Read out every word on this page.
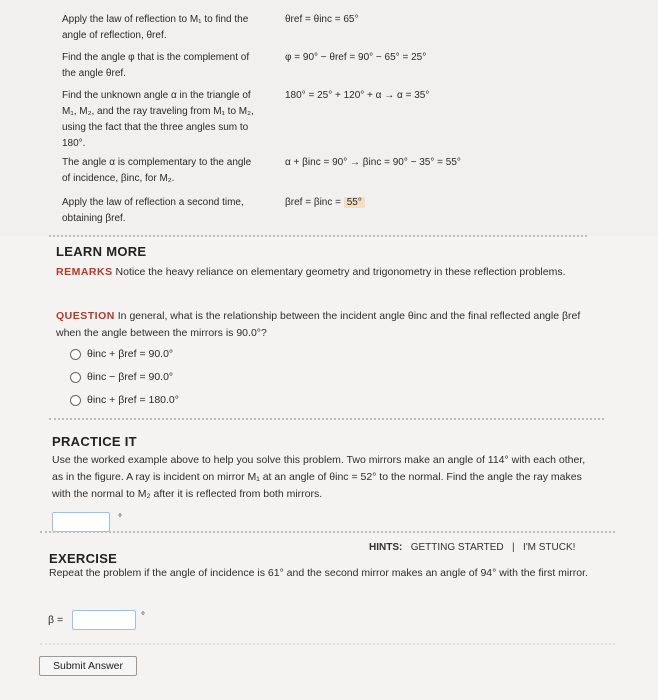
Apply the law of reflection to M₁ to find the angle of reflection, θref.
θref = θinc = 65°
Find the angle φ that is the complement of the angle θref.
φ = 90° − θref = 90° − 65° = 25°
Find the unknown angle α in the triangle of M₁, M₂, and the ray traveling from M₁ to M₂, using the fact that the three angles sum to 180°.
180° = 25° + 120° + α → α = 35°
The angle α is complementary to the angle of incidence, βinc, for M₂.
α + βinc = 90° → βinc = 90° − 35° = 55°
Apply the law of reflection a second time, obtaining βref.
βref = βinc = 55°
LEARN MORE
REMARKS Notice the heavy reliance on elementary geometry and trigonometry in these reflection problems.
QUESTION In general, what is the relationship between the incident angle θinc and the final reflected angle βref when the angle between the mirrors is 90.0°?
θinc + βref = 90.0°
θinc − βref = 90.0°
θinc + βref = 180.0°
PRACTICE IT
Use the worked example above to help you solve this problem. Two mirrors make an angle of 114° with each other, as in the figure. A ray is incident on mirror M₁ at an angle of θinc = 52° to the normal. Find the angle the ray makes with the normal to M₂ after it is reflected from both mirrors.
°
EXERCISE
HINTS: GETTING STARTED | I'M STUCK!
Repeat the problem if the angle of incidence is 61° and the second mirror makes an angle of 94° with the first mirror.
β =	°
Submit Answer
